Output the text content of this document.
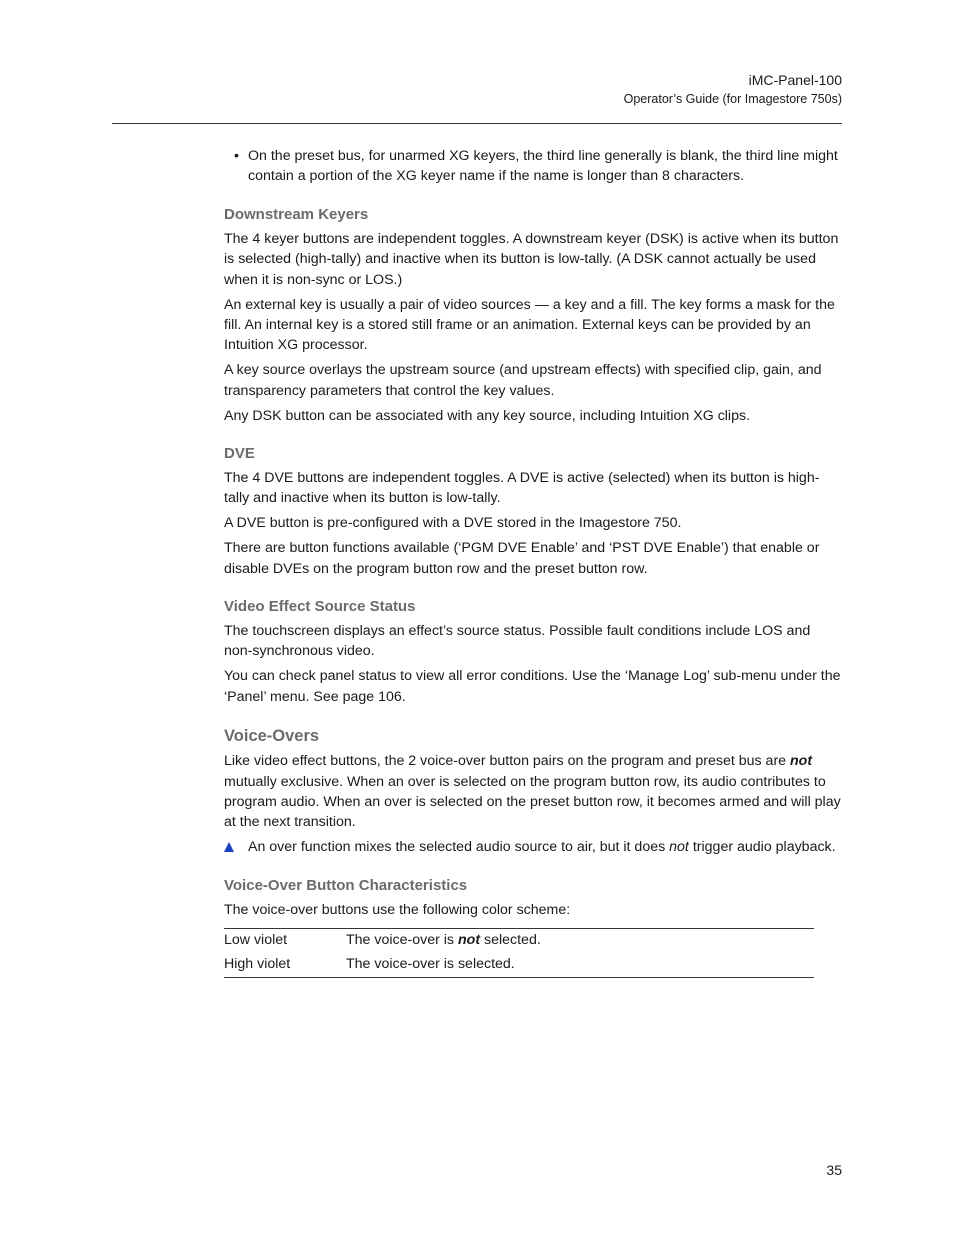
iMC-Panel-100
Operator’s Guide (for Imagestore 750s)
• On the preset bus, for unarmed XG keyers, the third line generally is blank, the third line might contain a portion of the XG keyer name if the name is longer than 8 characters.
Downstream Keyers

The 4 keyer buttons are independent toggles. A downstream keyer (DSK) is active when its button is selected (high-tally) and inactive when its button is low-tally. (A DSK cannot actually be used when it is non-sync or LOS.)

An external key is usually a pair of video sources — a key and a fill. The key forms a mask for the fill. An internal key is a stored still frame or an animation. External keys can be provided by an Intuition XG processor.

A key source overlays the upstream source (and upstream effects) with specified clip, gain, and transparency parameters that control the key values.

Any DSK button can be associated with any key source, including Intuition XG clips.

DVE

The 4 DVE buttons are independent toggles. A DVE is active (selected) when its button is high-tally and inactive when its button is low-tally.

A DVE button is pre-configured with a DVE stored in the Imagestore 750.

There are button functions available (‘PGM DVE Enable’ and ‘PST DVE Enable’) that enable or disable DVEs on the program button row and the preset button row.

Video Effect Source Status

The touchscreen displays an effect’s source status. Possible fault conditions include LOS and non-synchronous video.

You can check panel status to view all error conditions. Use the ‘Manage Log’ sub-menu under the ‘Panel’ menu. See page 106.

Voice-Overs

Like video effect buttons, the 2 voice-over button pairs on the program and preset bus are not mutually exclusive. When an over is selected on the program button row, its audio contributes to program audio. When an over is selected on the preset button row, it becomes armed and will play at the next transition.

An over function mixes the selected audio source to air, but it does not trigger audio playback.
Voice-Over Button Characteristics

The voice-over buttons use the following color scheme:

Low violet	The voice-over is not selected.
High violet	The voice-over is selected.
35
